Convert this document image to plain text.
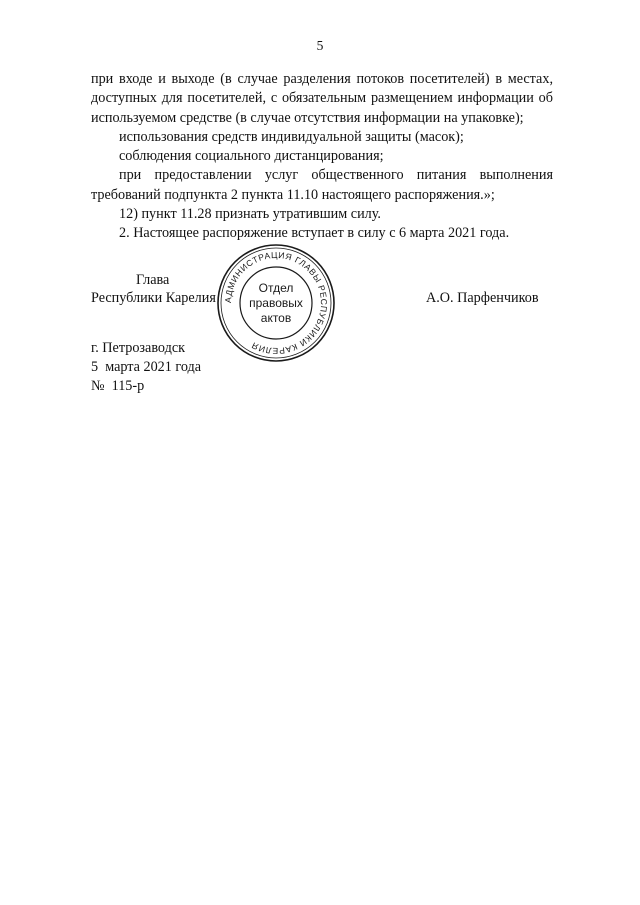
5

при входе и выходе (в случае разделения потоков посетителей) в местах, доступных для посетителей, с обязательным размещением информации об используемом средстве (в случае отсутствия информации на упаковке);

использования средств индивидуальной защиты (масок);

соблюдения социального дистанцирования;

при предоставлении услуг общественного питания выполнения требований подпункта 2 пункта 11.10 настоящего распоряжения.»;

12) пункт 11.28 признать утратившим силу.

2. Настоящее распоряжение вступает в силу с 6 марта 2021 года.

Глава
Республики Карелия	А.О. Парфенчиков
АДМИНИСТРАЦИЯ ГЛАВЫ РЕСПУБЛИКИ КАРЕЛИЯ
Отдел
правовых
актов
г. Петрозаводск
5  марта 2021 года
№  115-р
